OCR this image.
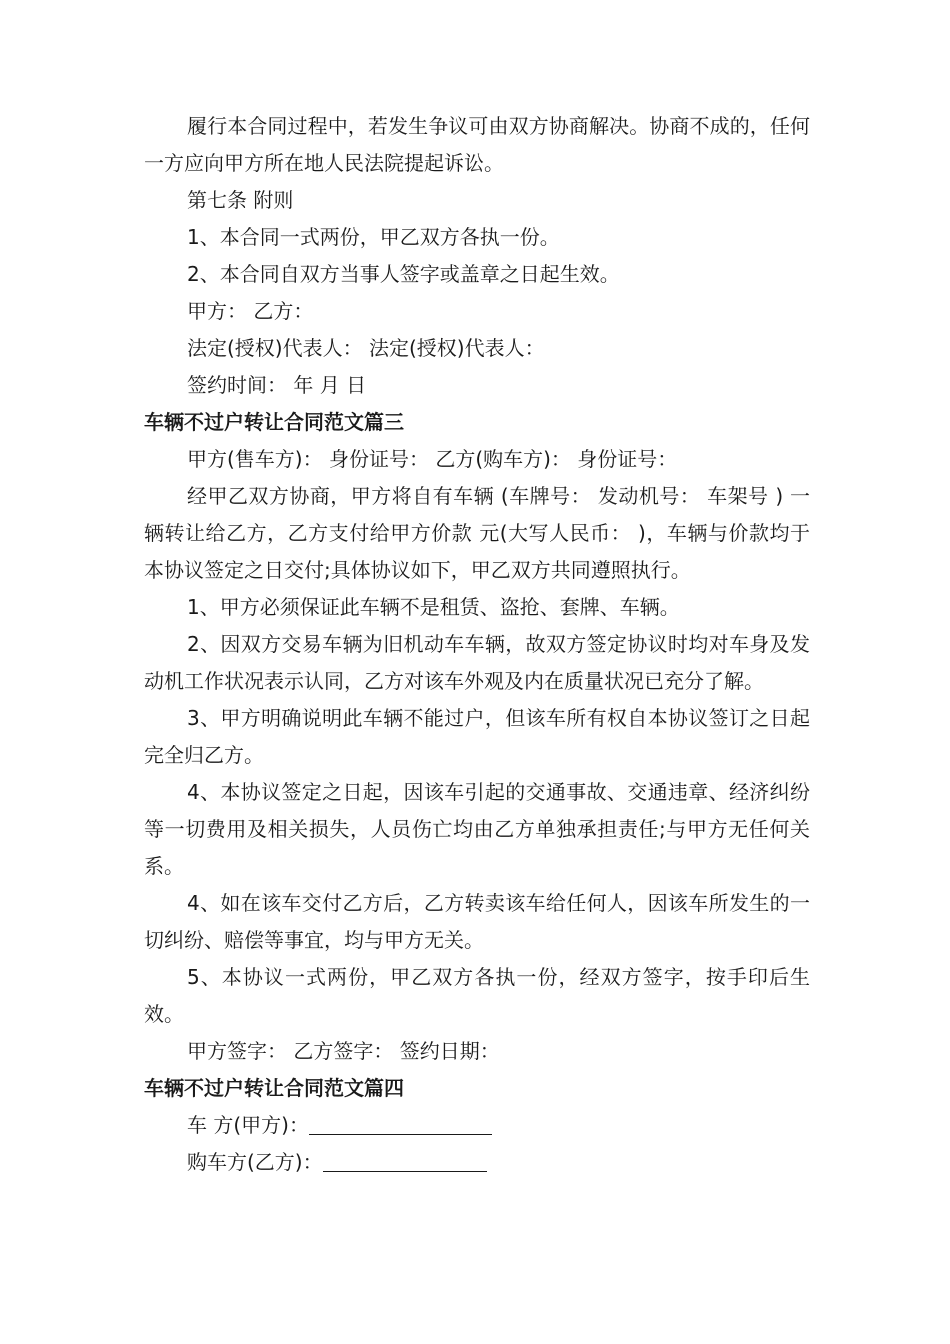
履行本合同过程中，若发生争议可由双方协商解决。协商不成的，任何一方应向甲方所在地人民法院提起诉讼。

第七条 附则

1、本合同一式两份，甲乙双方各执一份。

2、本合同自双方当事人签字或盖章之日起生效。

甲方： 乙方：

法定(授权)代表人： 法定(授权)代表人：

签约时间： 年 月 日

车辆不过户转让合同范文篇三

甲方(售车方)： 身份证号： 乙方(购车方)： 身份证号：

经甲乙双方协商，甲方将自有车辆 (车牌号： 发动机号： 车架号 ) 一辆转让给乙方，乙方支付给甲方价款 元(大写人民币： )，车辆与价款均于本协议签定之日交付;具体协议如下，甲乙双方共同遵照执行。

1、甲方必须保证此车辆不是租赁、盗抢、套牌、车辆。

2、因双方交易车辆为旧机动车车辆，故双方签定协议时均对车身及发动机工作状况表示认同，乙方对该车外观及内在质量状况已充分了解。

3、甲方明确说明此车辆不能过户，但该车所有权自本协议签订之日起完全归乙方。

4、本协议签定之日起，因该车引起的交通事故、交通违章、经济纠纷等一切费用及相关损失，人员伤亡均由乙方单独承担责任;与甲方无任何关系。

4、如在该车交付乙方后，乙方转卖该车给任何人，因该车所发生的一切纠纷、赔偿等事宜，均与甲方无关。

5、本协议一式两份，甲乙双方各执一份，经双方签字，按手印后生效。

甲方签字： 乙方签字： 签约日期：

车辆不过户转让合同范文篇四

车 方(甲方)：

购车方(乙方)：
